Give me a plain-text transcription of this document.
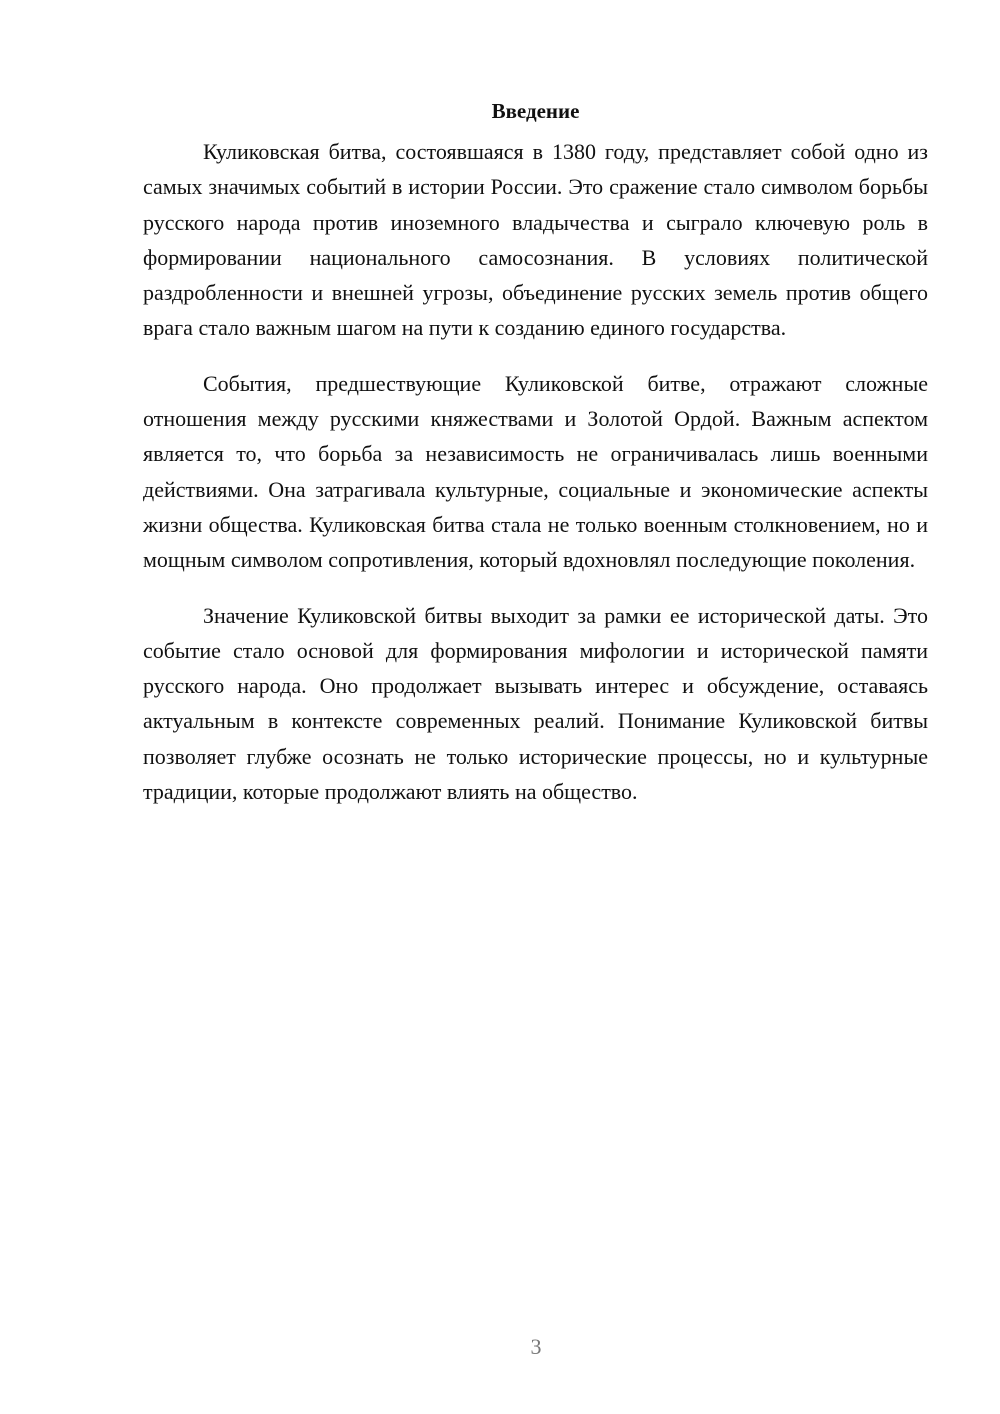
Введение

Куликовская битва, состоявшаяся в 1380 году, представляет собой одно из самых значимых событий в истории России. Это сражение стало символом борьбы русского народа против иноземного владычества и сыграло ключевую роль в формировании национального самосознания. В условиях политической раздробленности и внешней угрозы, объединение русских земель против общего врага стало важным шагом на пути к созданию единого государства.

События, предшествующие Куликовской битве, отражают сложные отношения между русскими княжествами и Золотой Ордой. Важным аспектом является то, что борьба за независимость не ограничивалась лишь военными действиями. Она затрагивала культурные, социальные и экономические аспекты жизни общества. Куликовская битва стала не только военным столкновением, но и мощным символом сопротивления, который вдохновлял последующие поколения.

Значение Куликовской битвы выходит за рамки ее исторической даты. Это событие стало основой для формирования мифологии и исторической памяти русского народа. Оно продолжает вызывать интерес и обсуждение, оставаясь актуальным в контексте современных реалий. Понимание Куликовской битвы позволяет глубже осознать не только исторические процессы, но и культурные традиции, которые продолжают влиять на общество.

3
